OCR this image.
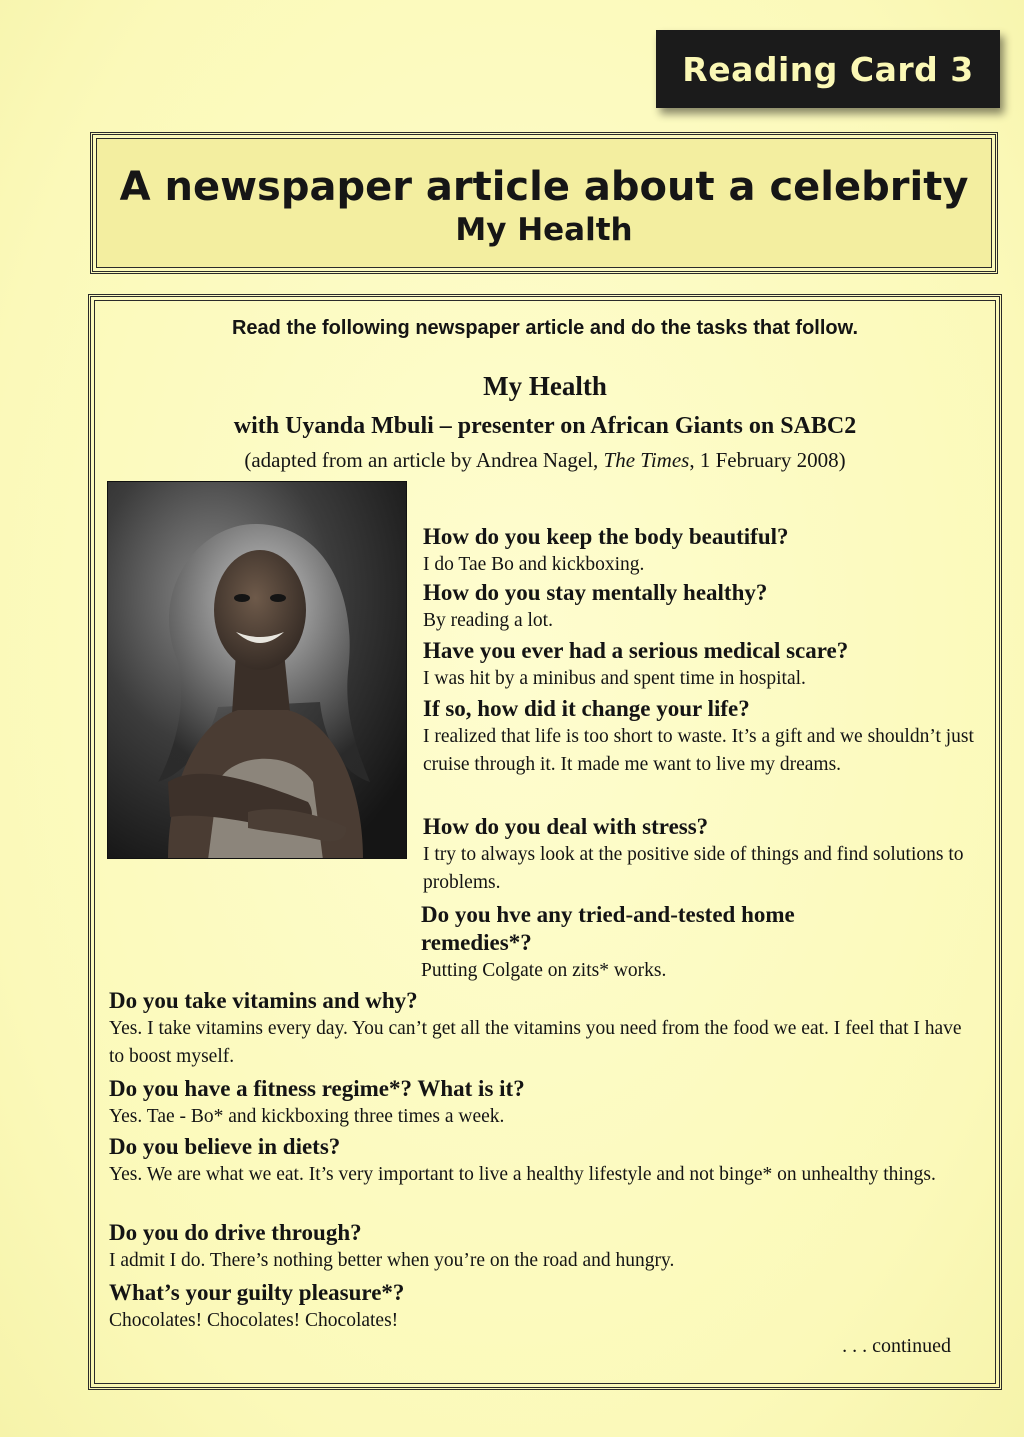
Reading Card 3
A newspaper article about a celebrity
My Health
Read the following newspaper article and do the tasks that follow.
My Health
with Uyanda Mbuli – presenter on African Giants on SABC2
(adapted from an article by Andrea Nagel, The Times, 1 February 2008)
How do you keep the body beautiful?
I do Tae Bo and kickboxing.
How do you stay mentally healthy?
By reading a lot.
Have you ever had a serious medical scare?
I was hit by a minibus and spent time in hospital.
If so, how did it change your life?
I realized that life is too short to waste. It’s a gift and we shouldn’t just cruise through it. It made me want to live my dreams.
How do you deal with stress?
I try to always look at the positive side of things and find solutions to problems.
Do you hve any tried-and-tested home remedies*?
Putting Colgate on zits* works.
Do you take vitamins and why?
Yes. I take vitamins every day. You can’t get all the vitamins you need from the food we eat. I feel that I have to boost myself.
Do you have a fitness regime*? What is it?
Yes. Tae - Bo* and kickboxing three times a week.
Do you believe in diets?
Yes. We are what we eat. It’s very important to live a healthy lifestyle and not binge* on unhealthy things.
Do you do drive through?
I admit I do. There’s nothing better when you’re on the road and hungry.
What’s your guilty pleasure*?
Chocolates! Chocolates! Chocolates!
. . . continued
